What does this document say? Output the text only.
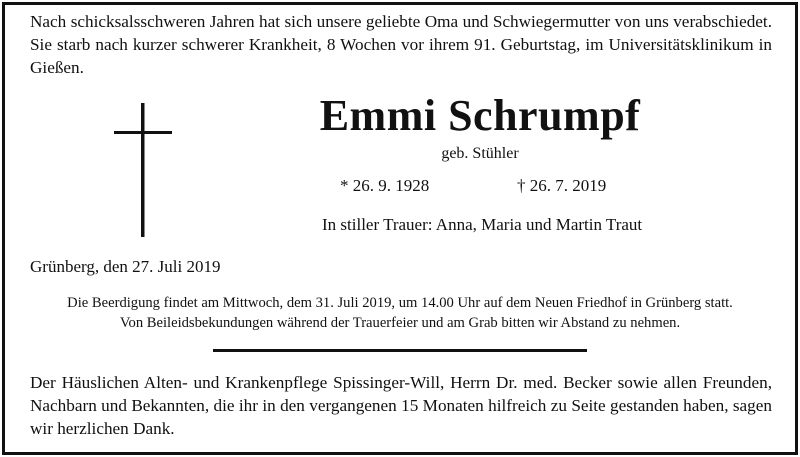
Nach schicksalsschweren Jahren hat sich unsere geliebte Oma und Schwiegermutter von uns verabschiedet. Sie starb nach kurzer schwerer Krankheit, 8 Wochen vor ihrem 91. Geburtstag, im Universitätsklinikum in Gießen.
Emmi Schrumpf
geb. Stühler
* 26. 9. 1928	† 26. 7. 2019
In stiller Trauer: Anna, Maria und Martin Traut
Grünberg, den 27. Juli 2019
Die Beerdigung findet am Mittwoch, dem 31. Juli 2019, um 14.00 Uhr auf dem Neuen Friedhof in Grünberg statt.
Von Beileidsbekundungen während der Trauerfeier und am Grab bitten wir Abstand zu nehmen.
Der Häuslichen Alten- und Krankenpflege Spissinger-Will, Herrn Dr. med. Becker sowie allen Freunden, Nachbarn und Bekannten, die ihr in den vergangenen 15 Monaten hilfreich zu Seite gestanden haben, sagen wir herzlichen Dank.
